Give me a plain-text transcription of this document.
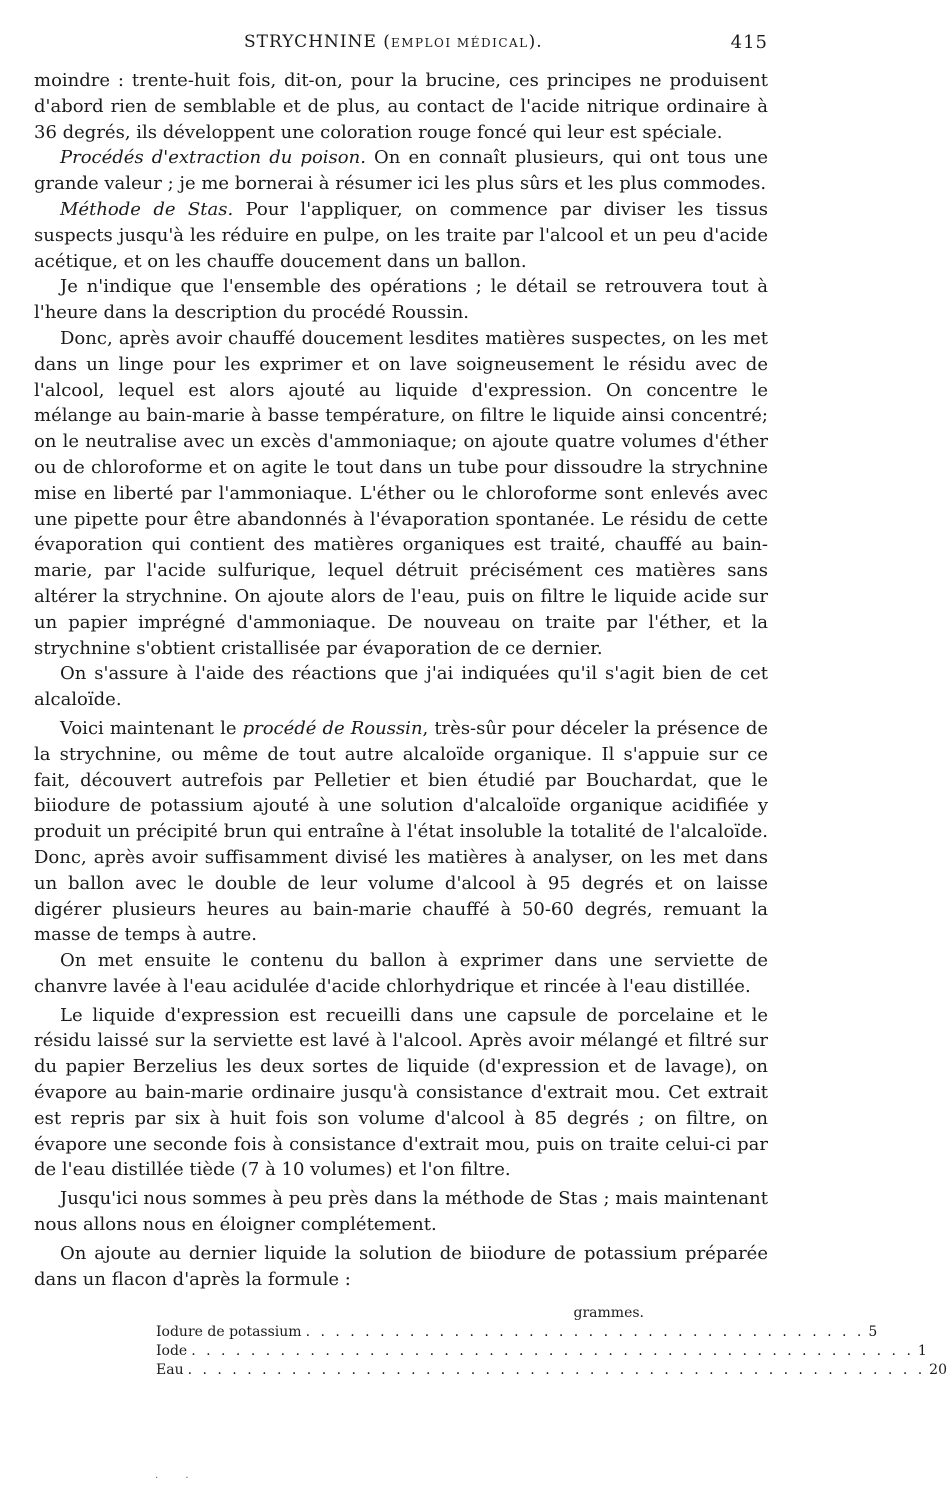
STRYCHNINE (EMPLOI MÉDICAL).	415

moindre : trente-huit fois, dit-on, pour la brucine, ces principes ne produisent d'abord rien de semblable et de plus, au contact de l'acide nitrique ordinaire à 36 degrés, ils développent une coloration rouge foncé qui leur est spéciale.

Procédés d'extraction du poison. On en connaît plusieurs, qui ont tous une grande valeur ; je me bornerai à résumer ici les plus sûrs et les plus commodes.

Méthode de Stas. Pour l'appliquer, on commence par diviser les tissus suspects jusqu'à les réduire en pulpe, on les traite par l'alcool et un peu d'acide acétique, et on les chauffe doucement dans un ballon.

Je n'indique que l'ensemble des opérations ; le détail se retrouvera tout à l'heure dans la description du procédé Roussin.

Donc, après avoir chauffé doucement lesdites matières suspectes, on les met dans un linge pour les exprimer et on lave soigneusement le résidu avec de l'alcool, lequel est alors ajouté au liquide d'expression. On concentre le mélange au bain-marie à basse température, on filtre le liquide ainsi concentré; on le neutralise avec un excès d'ammoniaque; on ajoute quatre volumes d'éther ou de chloroforme et on agite le tout dans un tube pour dissoudre la strychnine mise en liberté par l'ammoniaque. L'éther ou le chloroforme sont enlevés avec une pipette pour être abandonnés à l'évaporation spontanée. Le résidu de cette évaporation qui contient des matières organiques est traité, chauffé au bain-marie, par l'acide sulfurique, lequel détruit précisément ces matières sans altérer la strychnine. On ajoute alors de l'eau, puis on filtre le liquide acide sur un papier imprégné d'ammoniaque. De nouveau on traite par l'éther, et la strychnine s'obtient cristallisée par évaporation de ce dernier.

On s'assure à l'aide des réactions que j'ai indiquées qu'il s'agit bien de cet alcaloïde.

Voici maintenant le procédé de Roussin, très-sûr pour déceler la présence de la strychnine, ou même de tout autre alcaloïde organique. Il s'appuie sur ce fait, découvert autrefois par Pelletier et bien étudié par Bouchardat, que le biiodure de potassium ajouté à une solution d'alcaloïde organique acidifiée y produit un précipité brun qui entraîne à l'état insoluble la totalité de l'alcaloïde. Donc, après avoir suffisamment divisé les matières à analyser, on les met dans un ballon avec le double de leur volume d'alcool à 95 degrés et on laisse digérer plusieurs heures au bain-marie chauffé à 50-60 degrés, remuant la masse de temps à autre.

On met ensuite le contenu du ballon à exprimer dans une serviette de chanvre lavée à l'eau acidulée d'acide chlorhydrique et rincée à l'eau distillée.

Le liquide d'expression est recueilli dans une capsule de porcelaine et le résidu laissé sur la serviette est lavé à l'alcool. Après avoir mélangé et filtré sur du papier Berzelius les deux sortes de liquide (d'expression et de lavage), on évapore au bain-marie ordinaire jusqu'à consistance d'extrait mou. Cet extrait est repris par six à huit fois son volume d'alcool à 85 degrés ; on filtre, on évapore une seconde fois à consistance d'extrait mou, puis on traite celui-ci par de l'eau distillée tiède (7 à 10 volumes) et l'on filtre.

Jusqu'ici nous sommes à peu près dans la méthode de Stas ; mais maintenant nous allons nous en éloigner complétement.

On ajoute au dernier liquide la solution de biiodure de potassium préparée dans un flacon d'après la formule :

grammes.
Iodure de potassium . . . . . . . . . . . . . . . . . . . . . . . . . . . . . . . . . . . . . . 5
Iode . . . . . . . . . . . . . . . . . . . . . . . . . . . . . . . . . . . . . . . . . . . . . . . . . 1
Eau . . . . . . . . . . . . . . . . . . . . . . . . . . . . . . . . . . . . . . . . . . . . . . . . . . 20
. .
